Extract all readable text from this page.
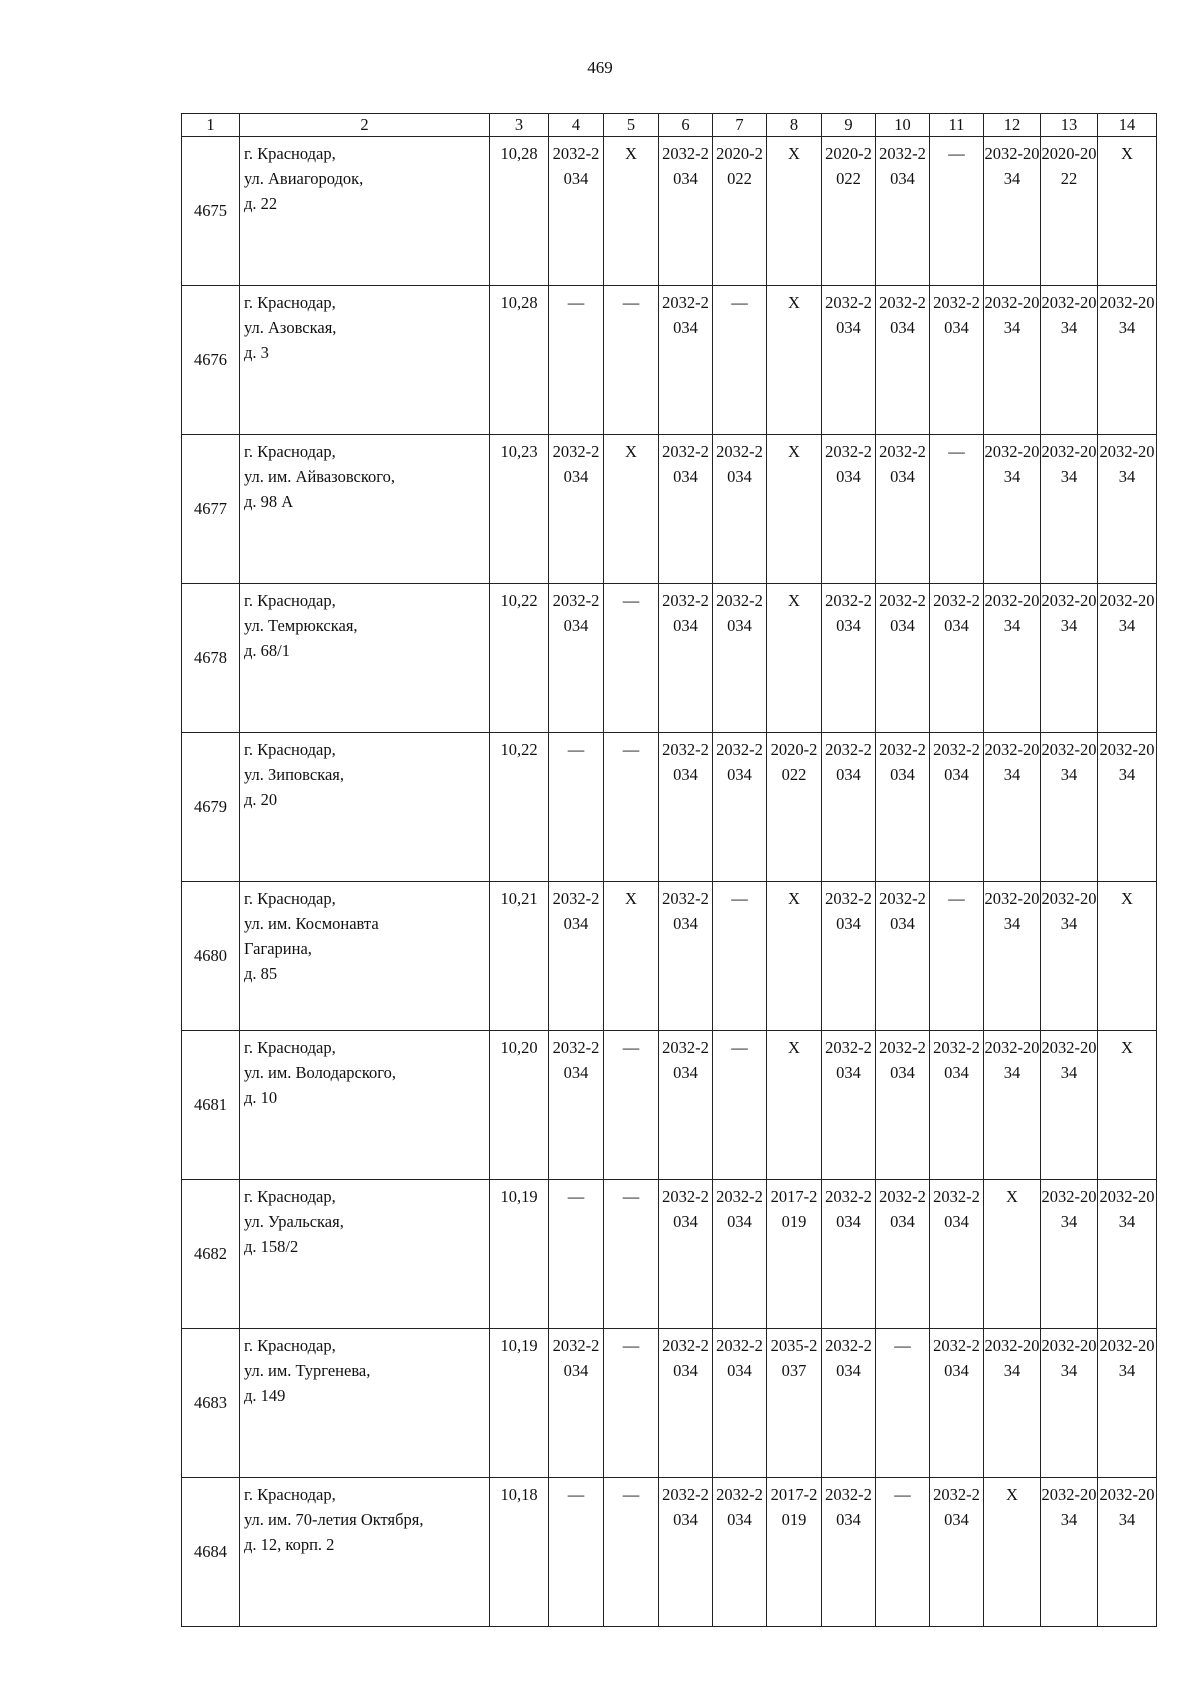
469
1	2	3	4	5	6	7	8	9	10	11	12	13	14
4675	г. Краснодар,
ул. Авиагородок,
д. 22	10,28	2032-2034	Х	2032-2034	2020-2022	Х	2020-2022	2032-2034	—	2032-2034	2020-2022	Х
4676	г. Краснодар,
ул. Азовская,
д. 3	10,28	—	—	2032-2034	—	Х	2032-2034	2032-2034	2032-2034	2032-2034	2032-2034	2032-2034
4677	г. Краснодар,
ул. им. Айвазовского,
д. 98 А	10,23	2032-2034	Х	2032-2034	2032-2034	Х	2032-2034	2032-2034	—	2032-2034	2032-2034	2032-2034
4678	г. Краснодар,
ул. Темрюкская,
д. 68/1	10,22	2032-2034	—	2032-2034	2032-2034	Х	2032-2034	2032-2034	2032-2034	2032-2034	2032-2034	2032-2034
4679	г. Краснодар,
ул. Зиповская,
д. 20	10,22	—	—	2032-2034	2032-2034	2020-2022	2032-2034	2032-2034	2032-2034	2032-2034	2032-2034	2032-2034
4680	г. Краснодар,
ул. им. Космонавта
Гагарина,
д. 85	10,21	2032-2034	Х	2032-2034	—	Х	2032-2034	2032-2034	—	2032-2034	2032-2034	Х
4681	г. Краснодар,
ул. им. Володарского,
д. 10	10,20	2032-2034	—	2032-2034	—	Х	2032-2034	2032-2034	2032-2034	2032-2034	2032-2034	Х
4682	г. Краснодар,
ул. Уральская,
д. 158/2	10,19	—	—	2032-2034	2032-2034	2017-2019	2032-2034	2032-2034	2032-2034	Х	2032-2034	2032-2034
4683	г. Краснодар,
ул. им. Тургенева,
д. 149	10,19	2032-2034	—	2032-2034	2032-2034	2035-2037	2032-2034	—	2032-2034	2032-2034	2032-2034	2032-2034
4684	г. Краснодар,
ул. им. 70-летия Октября,
д. 12, корп. 2	10,18	—	—	2032-2034	2032-2034	2017-2019	2032-2034	—	2032-2034	Х	2032-2034	2032-2034
